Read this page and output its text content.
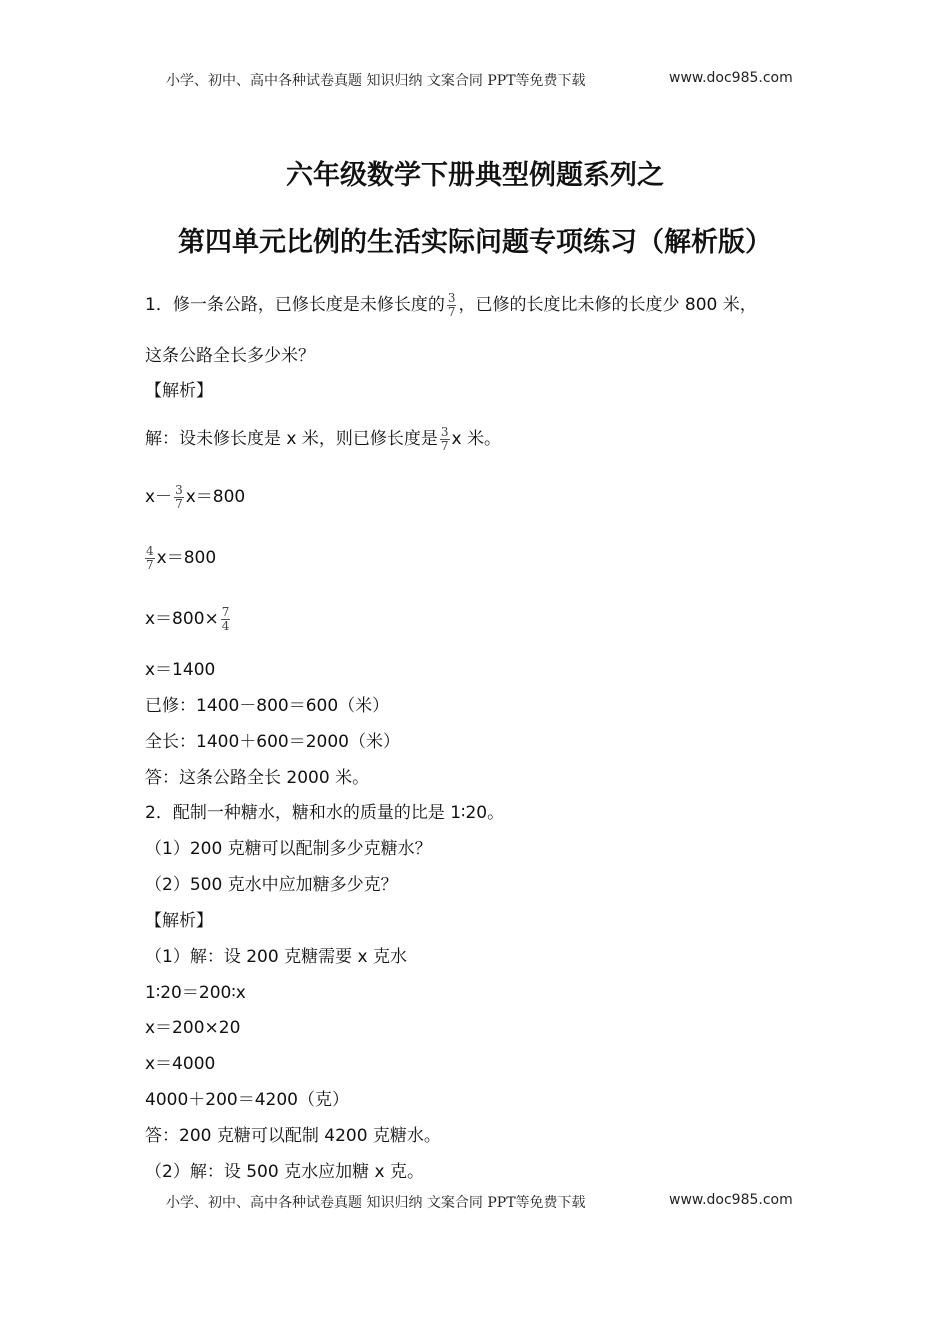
小学、初中、高中各种试卷真题 知识归纳 文案合同 PPT等免费下载	www.doc985.com
六年级数学下册典型例题系列之
第四单元比例的生活实际问题专项练习（解析版）
1．修一条公路，已修长度是未修长度的 $\frac{3}{7}$ ，已修的长度比未修的长度少 800 米，
这条公路全长多少米？
【解析】
解：设未修长度是 x 米，则已修长度是 $\frac{3}{7}$ x 米。
$x- \frac{3}{7} x=800$
$\frac{4}{7} x=800$
$x=800\times \frac{7}{4}$
x＝1400
已修：1400－800＝600（米）
全长：1400＋600＝2000（米）
答：这条公路全长 2000 米。
2．配制一种糖水，糖和水的质量的比是 1∶20。
（1）200 克糖可以配制多少克糖水？
（2）500 克水中应加糖多少克？
【解析】
（1）解：设 200 克糖需要 x 克水
1∶20＝200∶x
x＝200×20
x＝4000
4000＋200＝4200（克）
答：200 克糖可以配制 4200 克糖水。
（2）解：设 500 克水应加糖 x 克。
小学、初中、高中各种试卷真题 知识归纳 文案合同 PPT等免费下载	www.doc985.com
